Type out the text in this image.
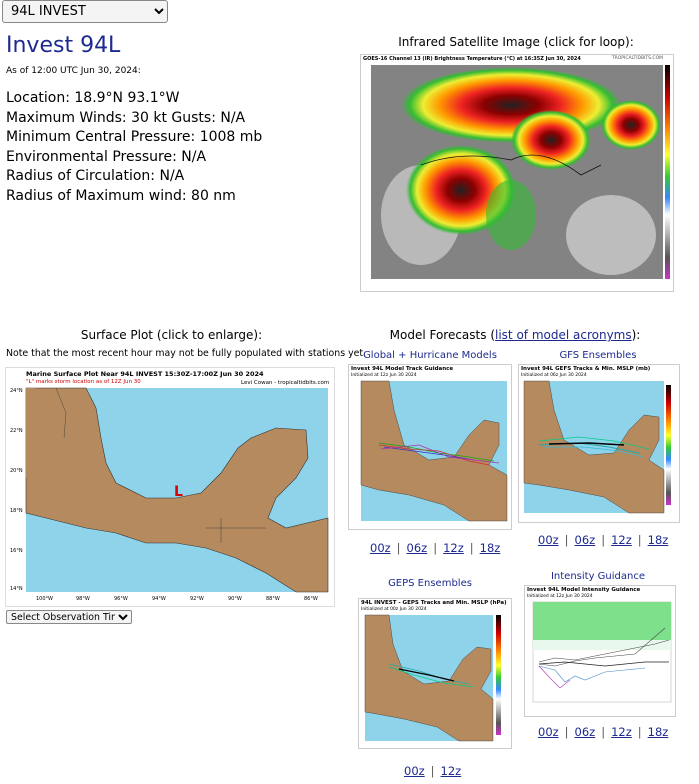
94L INVEST
Invest 94L
As of 12:00 UTC Jun 30, 2024:
Location: 18.9°N 93.1°W
Maximum Winds: 30 kt Gusts: N/A
Minimum Central Pressure: 1008 mb
Environmental Pressure: N/A
Radius of Circulation: N/A
Radius of Maximum wind: 80 nm
Infrared Satellite Image (click for loop):
GOES-16 Channel 13 (IR) Brightness Temperature (°C) at 16:35Z Jun 30, 2024	TROPICALTIDBITS.COM
Surface Plot (click to enlarge):
Note that the most recent hour may not be fully populated with stations yet.
Marine Surface Plot Near 94L INVEST 15:30Z-17:00Z Jun 30 2024
"L" marks storm location as of 12Z Jun 30	Levi Cowan - tropicaltidbits.com
L
24°N
22°N
20°N
18°N
16°N
14°N
100°W	98°W	96°W	94°W	92°W	90°W	88°W	86°W
Select Observation Time...
Model Forecasts (list of model acronyms):
Global + Hurricane Models
Invest 94L Model Track Guidance
Initialized at 12z Jun 30 2024
00z | 06z | 12z | 18z
GFS Ensembles
Invest 94L GEFS Tracks & Min. MSLP (mb)
Initialized at 06z Jun 30 2024
00z | 06z | 12z | 18z
GEPS Ensembles
94L INVEST - GEPS Tracks and Min. MSLP (hPa)
Initialized at 00z Jun 30 2024
00z | 12z
Intensity Guidance
Invest 94L Model Intensity Guidance
Initialized at 12z Jun 30 2024
00z | 06z | 12z | 18z
